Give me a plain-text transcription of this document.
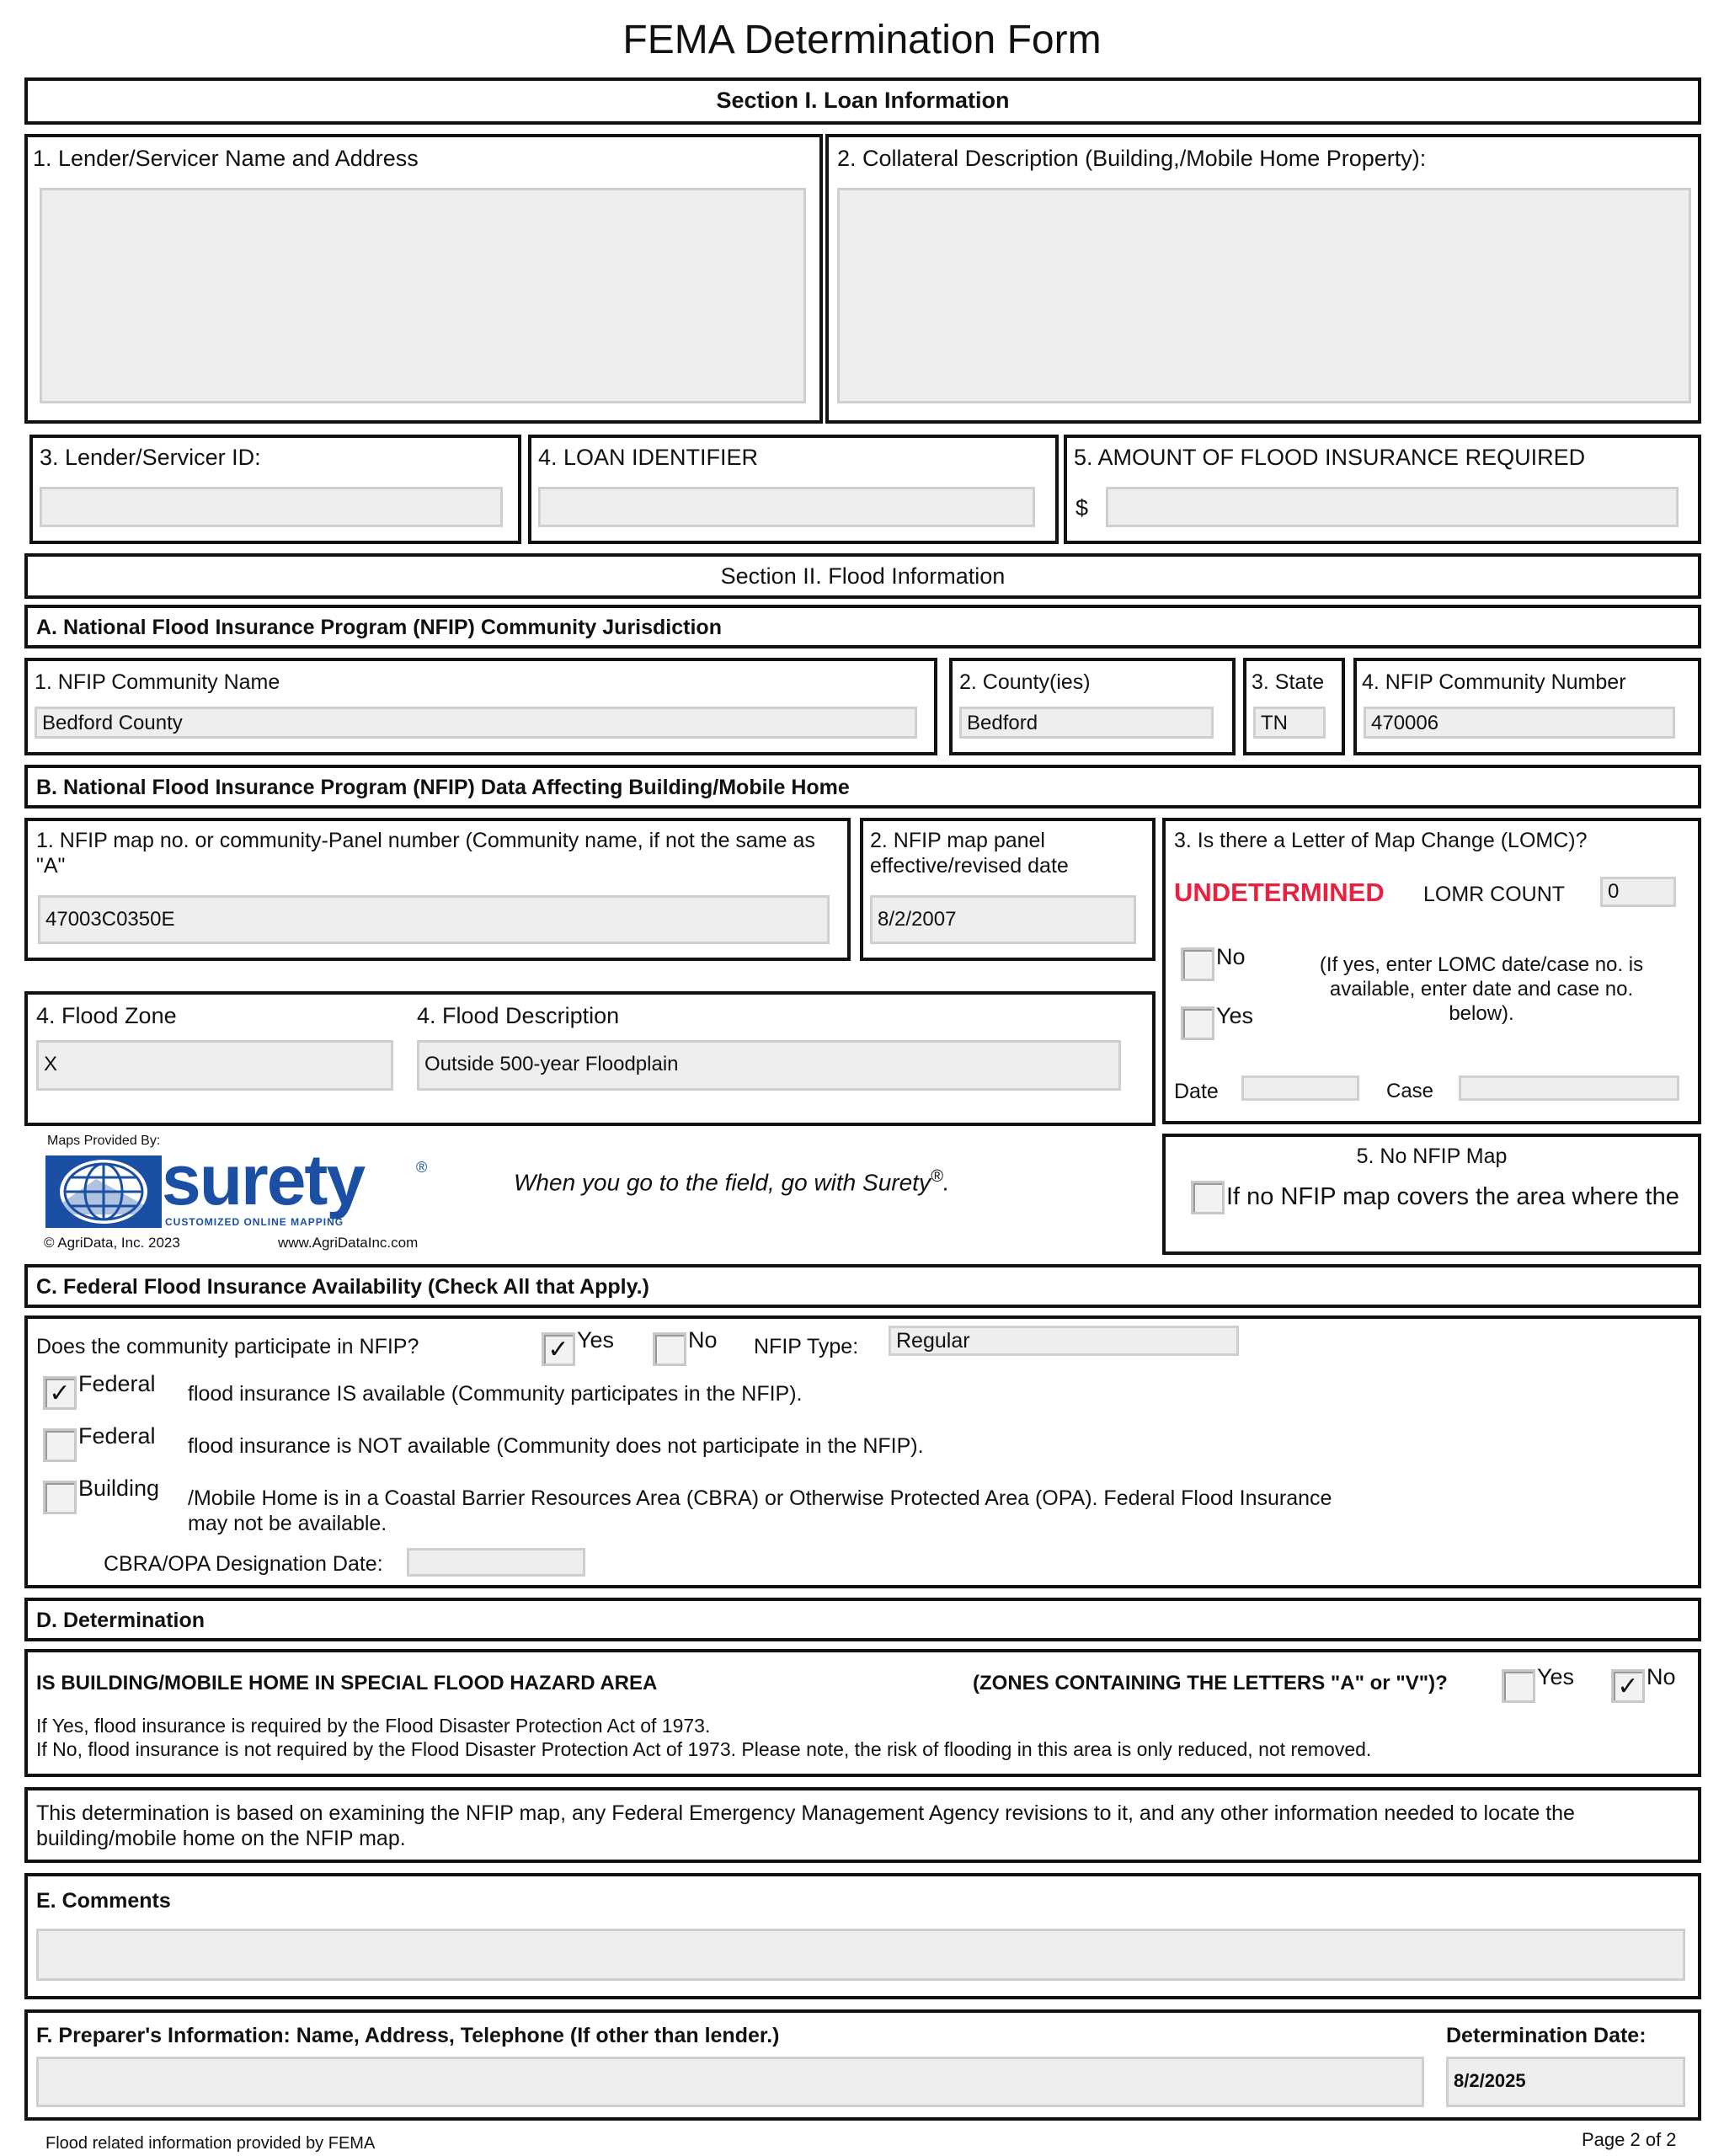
FEMA Determination Form
Section I. Loan Information
1. Lender/Servicer Name and Address	2. Collateral Description (Building,/Mobile Home Property):
3. Lender/Servicer ID:	4. LOAN IDENTIFIER	5. AMOUNT OF FLOOD INSURANCE REQUIRED
$
Section II. Flood Information
A. National Flood Insurance Program (NFIP) Community Jurisdiction
1. NFIP Community Name
Bedford County
2. County(ies)
Bedford
3. State
TN
4. NFIP Community Number
470006
B. National Flood Insurance Program (NFIP) Data Affecting Building/Mobile Home
1. NFIP map no. or community-Panel number (Community name, if not the same as
"A"
47003C0350E
2. NFIP map panel
effective/revised date
8/2/2007
3. Is there a Letter of Map Change (LOMC)?
UNDETERMINED LOMR COUNT	0
No
Yes
(If yes, enter LOMC date/case no. is
available, enter date and case no.
below).
Date	Case
4. Flood Zone
X
4. Flood Description
Outside 500-year Floodplain
Maps Provided By: surety	®
CUSTOMIZED ONLINE MAPPING
© AgriData, Inc. 2023	www.AgriDataInc.com
When you go to the field, go with Surety®.
5. No NFIP Map
If no NFIP map covers the area where the
C. Federal Flood Insurance Availability (Check All that Apply.)
Does the community participate in NFIP?	✓ Yes	No NFIP Type:	Regular
✓ Federal flood insurance IS available (Community participates in the NFIP).
Federal flood insurance is NOT available (Community does not participate in the NFIP).
Building /Mobile Home is in a Coastal Barrier Resources Area (CBRA) or Otherwise Protected Area (OPA). Federal Flood Insurance
may not be available.
CBRA/OPA Designation Date:
D. Determination
IS BUILDING/MOBILE HOME IN SPECIAL FLOOD HAZARD AREA	(ZONES CONTAINING THE LETTERS "A" or "V")?	Yes ✓ No
If Yes, flood insurance is required by the Flood Disaster Protection Act of 1973.
If No, flood insurance is not required by the Flood Disaster Protection Act of 1973. Please note, the risk of flooding in this area is only reduced, not removed.
This determination is based on examining the NFIP map, any Federal Emergency Management Agency revisions to it, and any other information needed to locate the
building/mobile home on the NFIP map.
E. Comments
F. Preparer's Information: Name, Address, Telephone (If other than lender.)	Determination Date:
8/2/2025
Flood related information provided by FEMA	Page 2 of 2
